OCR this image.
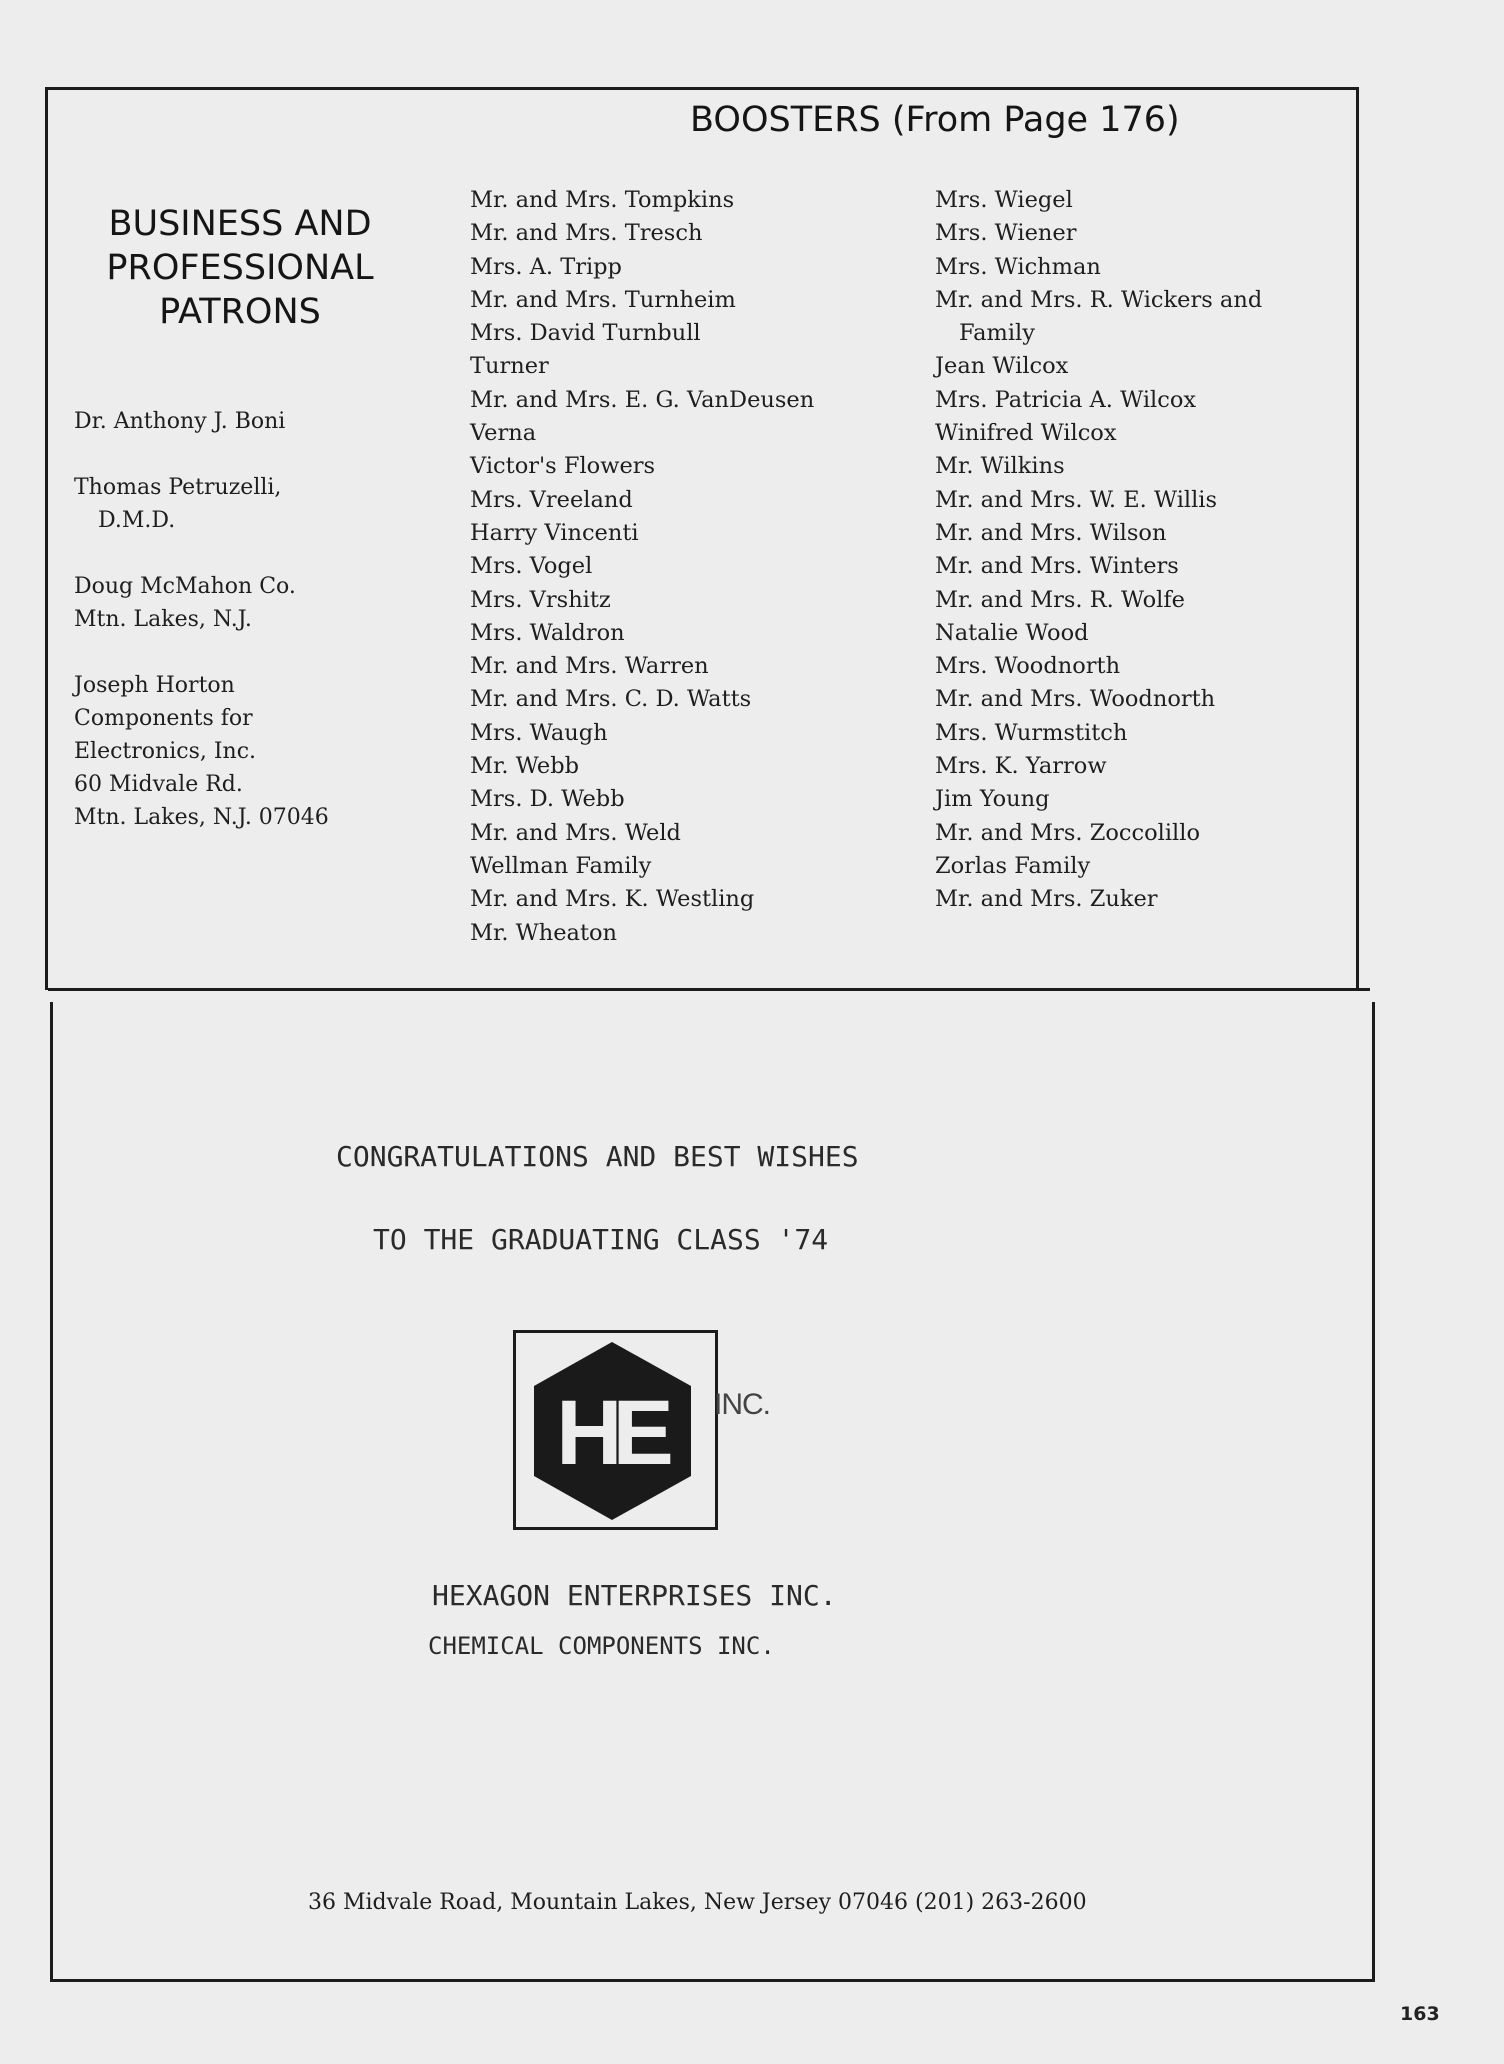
BOOSTERS (From Page 176)
BUSINESS AND
PROFESSIONAL
PATRONS
Dr. Anthony J. Boni
Thomas Petruzelli,
D.M.D.
Doug McMahon Co.
Mtn. Lakes, N.J.
Joseph Horton
Components for
Electronics, Inc.
60 Midvale Rd.
Mtn. Lakes, N.J. 07046
Mr. and Mrs. Tompkins
Mr. and Mrs. Tresch
Mrs. A. Tripp
Mr. and Mrs. Turnheim
Mrs. David Turnbull
Turner
Mr. and Mrs. E. G. VanDeusen
Verna
Victor's Flowers
Mrs. Vreeland
Harry Vincenti
Mrs. Vogel
Mrs. Vrshitz
Mrs. Waldron
Mr. and Mrs. Warren
Mr. and Mrs. C. D. Watts
Mrs. Waugh
Mr. Webb
Mrs. D. Webb
Mr. and Mrs. Weld
Wellman Family
Mr. and Mrs. K. Westling
Mr. Wheaton
Mrs. Wiegel
Mrs. Wiener
Mrs. Wichman
Mr. and Mrs. R. Wickers and
Family
Jean Wilcox
Mrs. Patricia A. Wilcox
Winifred Wilcox
Mr. Wilkins
Mr. and Mrs. W. E. Willis
Mr. and Mrs. Wilson
Mr. and Mrs. Winters
Mr. and Mrs. R. Wolfe
Natalie Wood
Mrs. Woodnorth
Mr. and Mrs. Woodnorth
Mrs. Wurmstitch
Mrs. K. Yarrow
Jim Young
Mr. and Mrs. Zoccolillo
Zorlas Family
Mr. and Mrs. Zuker
CONGRATULATIONS AND BEST WISHES
TO THE GRADUATING CLASS '74
HE INC.
HEXAGON ENTERPRISES INC.
CHEMICAL COMPONENTS INC.
36 Midvale Road, Mountain Lakes, New Jersey 07046 (201) 263-2600
163
